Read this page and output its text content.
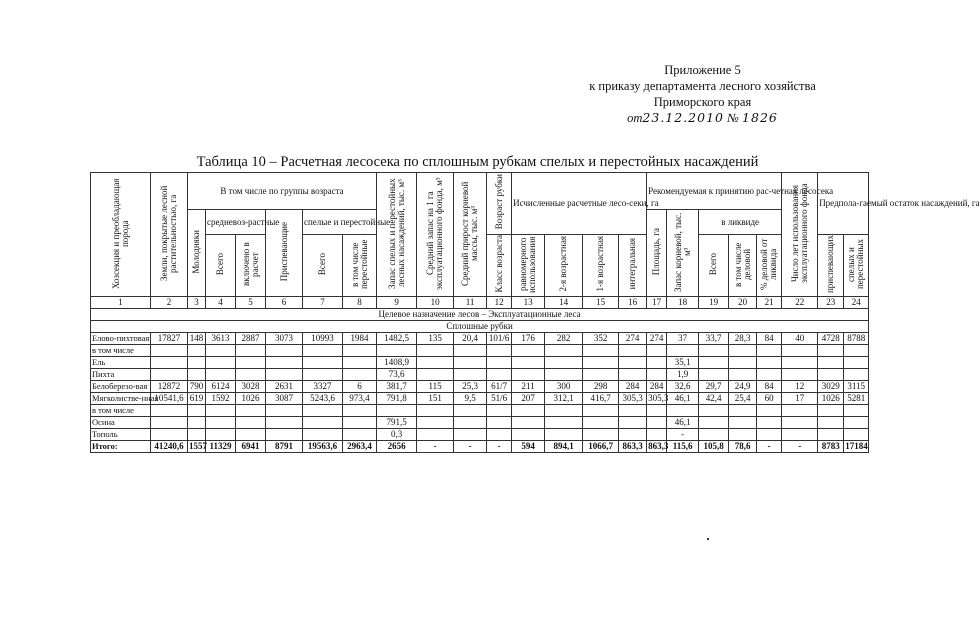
Приложение 5
к приказу департамента лесного хозяйства
Приморского края
от23.12.2010 № 1826
Таблица 10 – Расчетная лесосека по сплошным рубкам спелых и перестойных насаждений
Хозсекция и преобладающая порода	Земли, покрытые лесной растительностью, га	В том числе по группы возраста						Запас спелых и перестойных лесных насаждений, тыс. м³	Средний запас на 1 га эксплуатационного фонда, м³	Средний прирост корневой массы, тыс. м³	Возраст рубки	Исчисленные расчетные лесо-секи, га				Рекомендуемая к принятию рас-четная лесосека					Число лет использования эксплуатационного фонда	Предпола-гаемый остаток насаждений, га	
		Молодняки	средневоз-растные		Приспевающие	спелые и перестойные										Площадь, га	Запас корневой, тыс. м³	в ликвиде					
			Всего	включено в расчет		Всего	в том числе перестойные				Класс возраста	равномерного использования	2-я возрастная	1-я возрастная	интегральная							приспевающих	спелых и перестойных
																		Всего	в том числе деловой	% деловой от ликвида			
1	2	3	4	5	6	7	8	9	10	11	12	13	14	15	16	17	18	19	20	21	22	23	24
Целевое назначение лесов – Эксплуатационные леса																							
Сплошные рубки																							
Елово-пихтовая	17827	148	3613	2887	3073	10993	1984	1482,5	135	20,4	101/6	176	282	352	274	274	37	33,7	28,3	84	40	4728	8788
в том числе																							
Ель								1408,9									35,1						
Пихта								73,6									1,9						
Белоберезо-вая	12872	790	6124	3028	2631	3327	6	381,7	115	25,3	61/7	211	300	298	284	284	32,6	29,7	24,9	84	12	3029	3115
Мягколистве-нная	10541,6	619	1592	1026	3087	5243,6	973,4	791,8	151	9,5	51/6	207	312,1	416,7	305,3	305,3	46,1	42,4	25,4	60	17	1026	5281
в том числе																							
Осина								791,5									46,1						
Тополь								0,3									-						
Итого:	41240,6	1557	11329	6941	8791	19563,6	2963,4	2656	-	-	-	594	894,1	1066,7	863,3	863,3	115,6	105,8	78,6	-	-	8783	17184
